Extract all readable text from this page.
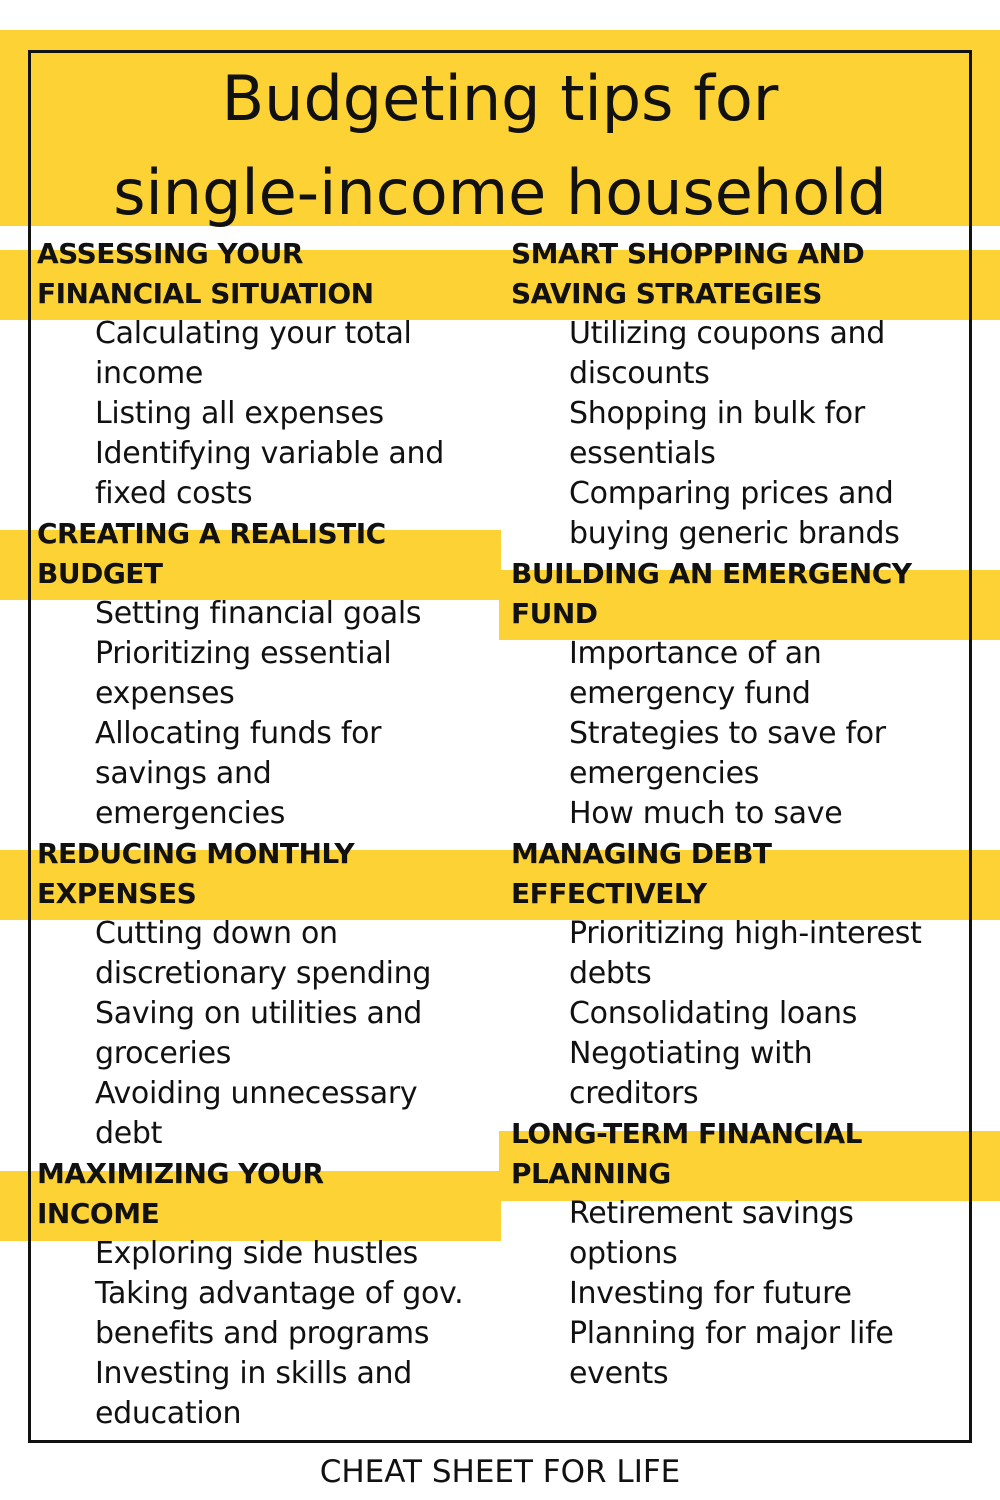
Budgeting tips for
single-income household
ASSESSING YOUR
FINANCIAL SITUATION
Calculating your total
income
Listing all expenses
Identifying variable and
fixed costs
CREATING A REALISTIC
BUDGET
Setting financial goals
Prioritizing essential
expenses
Allocating funds for
savings and
emergencies
REDUCING MONTHLY
EXPENSES
Cutting down on
discretionary spending
Saving on utilities and
groceries
Avoiding unnecessary
debt
MAXIMIZING YOUR
INCOME
Exploring side hustles
Taking advantage of gov.
benefits and programs
Investing in skills and
education
SMART SHOPPING AND
SAVING STRATEGIES
Utilizing coupons and
discounts
Shopping in bulk for
essentials
Comparing prices and
buying generic brands
BUILDING AN EMERGENCY
FUND
Importance of an
emergency fund
Strategies to save for
emergencies
How much to save
MANAGING DEBT
EFFECTIVELY
Prioritizing high-interest
debts
Consolidating loans
Negotiating with
creditors
LONG-TERM FINANCIAL
PLANNING
Retirement savings
options
Investing for future
Planning for major life
events
CHEAT SHEET FOR LIFE
